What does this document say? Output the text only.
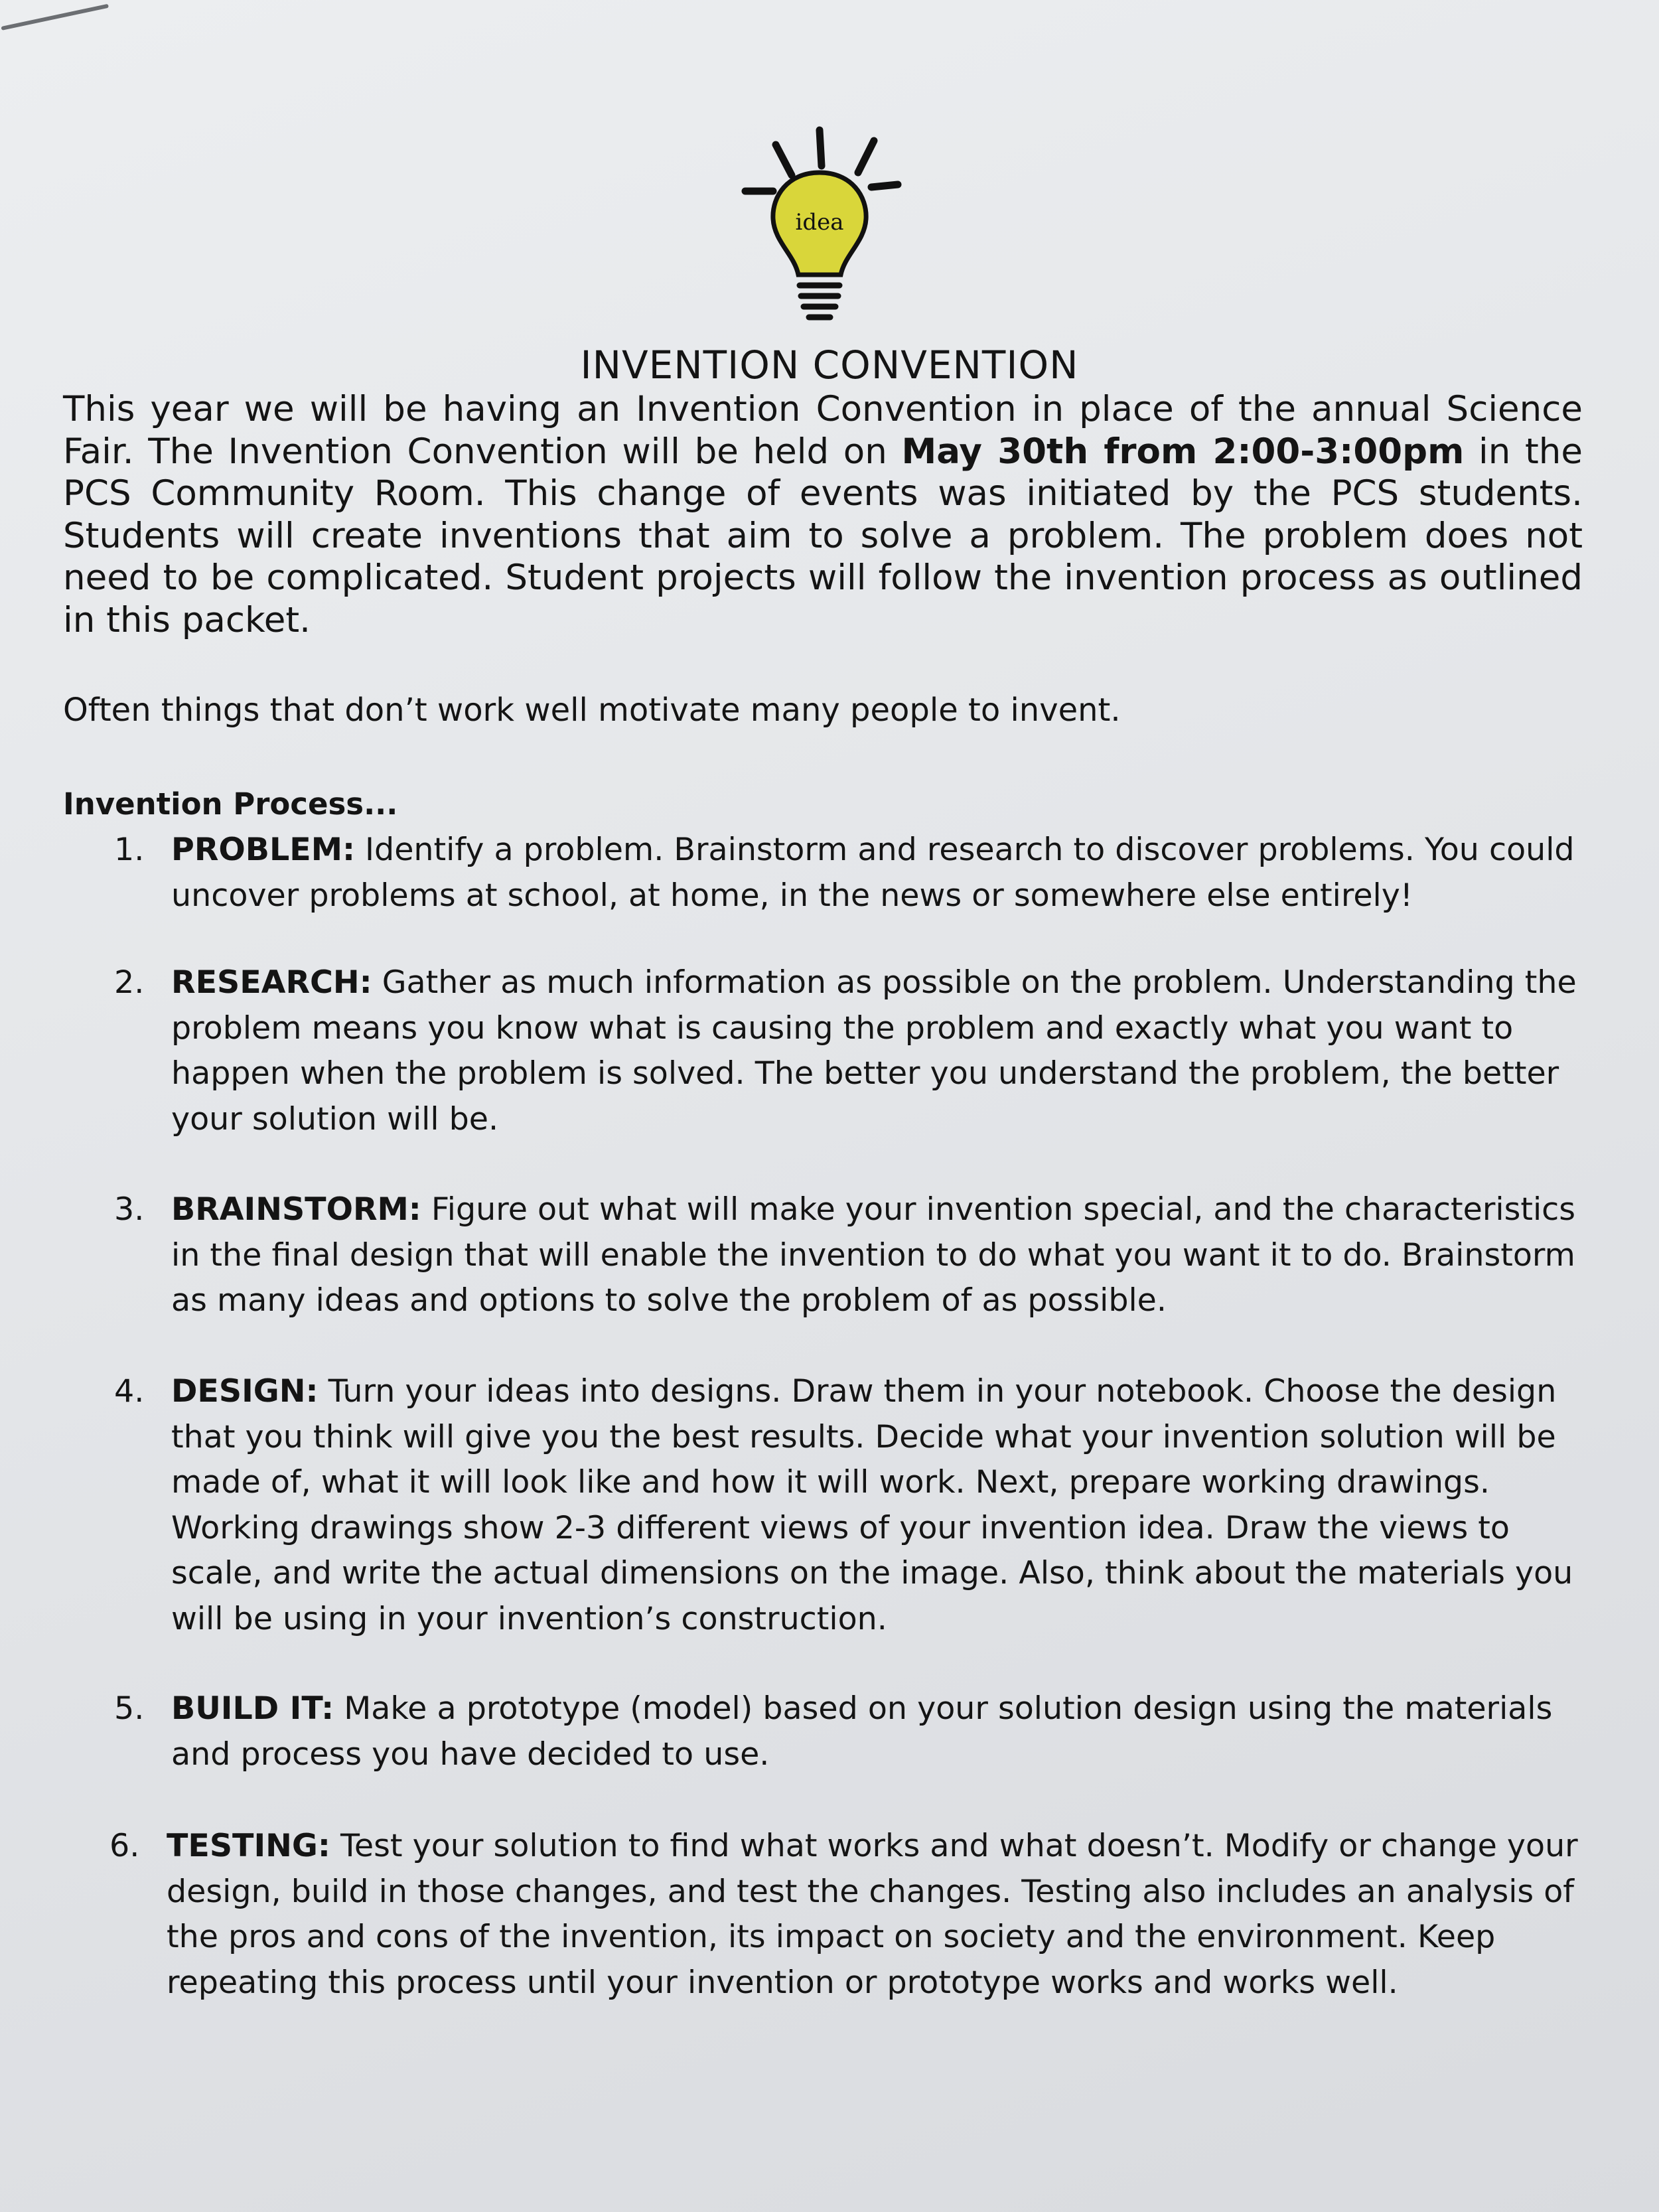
idea
INVENTION CONVENTION
This year we will be having an Invention Convention in place of the annual Science Fair. The Invention Convention will be held on May 30th from 2:00-3:00pm in the PCS Community Room. This change of events was initiated by the PCS students. Students will create inventions that aim to solve a problem. The problem does not need to be complicated. Student projects will follow the invention process as outlined in this packet.
Often things that don’t work well motivate many people to invent.
Invention Process...
1. PROBLEM: Identify a problem. Brainstorm and research to discover problems. You could uncover problems at school, at home, in the news or somewhere else entirely!
2. RESEARCH: Gather as much information as possible on the problem. Understanding the problem means you know what is causing the problem and exactly what you want to happen when the problem is solved. The better you understand the problem, the better your solution will be.
3. BRAINSTORM: Figure out what will make your invention special, and the characteristics in the final design that will enable the invention to do what you want it to do. Brainstorm as many ideas and options to solve the problem of as possible.
4. DESIGN: Turn your ideas into designs. Draw them in your notebook. Choose the design that you think will give you the best results. Decide what your invention solution will be made of, what it will look like and how it will work. Next, prepare working drawings. Working drawings show 2-3 different views of your invention idea. Draw the views to scale, and write the actual dimensions on the image. Also, think about the materials you will be using in your invention’s construction.
5. BUILD IT: Make a prototype (model) based on your solution design using the materials and process you have decided to use.
6. TESTING: Test your solution to find what works and what doesn’t. Modify or change your design, build in those changes, and test the changes. Testing also includes an analysis of the pros and cons of the invention, its impact on society and the environment. Keep repeating this process until your invention or prototype works and works well.
